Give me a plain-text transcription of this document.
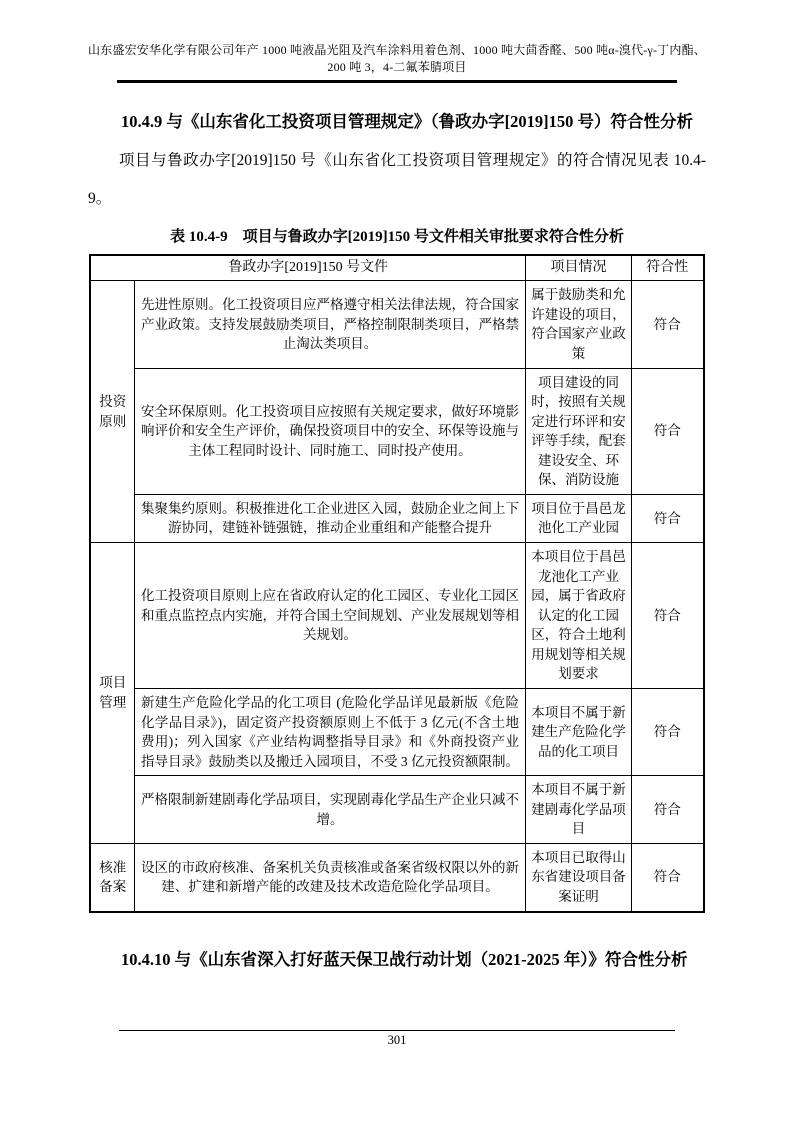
山东盛宏安华化学有限公司年产 1000 吨液晶光阻及汽车涂料用着色剂、1000 吨大茴香醛、500 吨α-溴代-γ-丁内酯、200 吨 3，4-二氟苯腈项目
10.4.9 与《山东省化工投资项目管理规定》（鲁政办字[2019]150 号）符合性分析
项目与鲁政办字[2019]150 号《山东省化工投资项目管理规定》的符合情况见表 10.4-9。
表 10.4-9　项目与鲁政办字[2019]150 号文件相关审批要求符合性分析
鲁政办字[2019]150 号文件		项目情况	符合性
投资原则	先进性原则。化工投资项目应严格遵守相关法律法规，符合国家产业政策。支持发展鼓励类项目，严格控制限制类项目，严格禁止淘汰类项目。	属于鼓励类和允许建设的项目，符合国家产业政策	符合
	安全环保原则。化工投资项目应按照有关规定要求，做好环境影响评价和安全生产评价，确保投资项目中的安全、环保等设施与主体工程同时设计、同时施工、同时投产使用。	项目建设的同时，按照有关规定进行环评和安评等手续，配套建设安全、环保、消防设施	符合
	集聚集约原则。积极推进化工企业进区入园，鼓励企业之间上下游协同，建链补链强链，推动企业重组和产能整合提升	项目位于昌邑龙池化工产业园	符合
项目管理	化工投资项目原则上应在省政府认定的化工园区、专业化工园区和重点监控点内实施，并符合国土空间规划、产业发展规划等相关规划。	本项目位于昌邑龙池化工产业园，属于省政府认定的化工园区，符合土地利用规划等相关规划要求	符合
	新建生产危险化学品的化工项目 (危险化学品详见最新版《危险化学品目录》)，固定资产投资额原则上不低于 3 亿元(不含土地费用)；列入国家《产业结构调整指导目录》和《外商投资产业指导目录》鼓励类以及搬迁入园项目，不受 3 亿元投资额限制。	本项目不属于新建生产危险化学品的化工项目	符合
	严格限制新建剧毒化学品项目，实现剧毒化学品生产企业只减不增。	本项目不属于新建剧毒化学品项目	符合
核准备案	设区的市政府核准、备案机关负责核准或备案省级权限以外的新建、扩建和新增产能的改建及技术改造危险化学品项目。	本项目已取得山东省建设项目备案证明	符合
10.4.10 与《山东省深入打好蓝天保卫战行动计划（2021-2025 年）》符合性分析
301
